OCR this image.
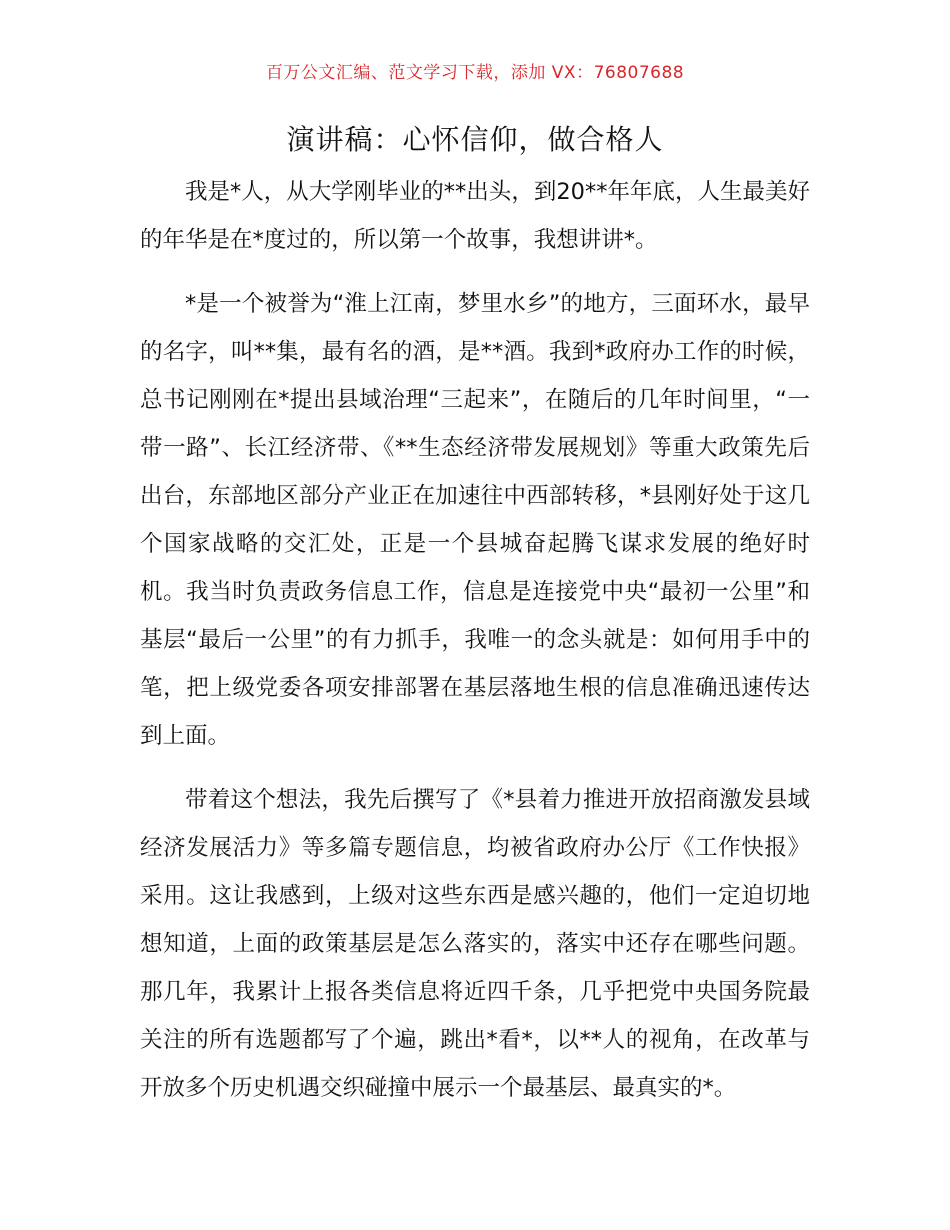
百万公文汇编、范文学习下载，添加 VX：76807688
演讲稿：心怀信仰，做合格人

我是*人，从大学刚毕业的**出头，到20**年年底，人生最美好的年华是在*度过的，所以第一个故事，我想讲讲*。

*是一个被誉为“淮上江南，梦里水乡”的地方，三面环水，最早的名字，叫**集，最有名的酒，是**酒。我到*政府办工作的时候，总书记刚刚在*提出县域治理“三起来”，在随后的几年时间里，“一带一路”、长江经济带、《**生态经济带发展规划》等重大政策先后出台，东部地区部分产业正在加速往中西部转移，*县刚好处于这几个国家战略的交汇处，正是一个县城奋起腾飞谋求发展的绝好时机。我当时负责政务信息工作，信息是连接党中央“最初一公里”和基层“最后一公里”的有力抓手，我唯一的念头就是：如何用手中的笔，把上级党委各项安排部署在基层落地生根的信息准确迅速传达到上面。

带着这个想法，我先后撰写了《*县着力推进开放招商激发县域经济发展活力》等多篇专题信息，均被省政府办公厅《工作快报》采用。这让我感到，上级对这些东西是感兴趣的，他们一定迫切地想知道，上面的政策基层是怎么落实的，落实中还存在哪些问题。那几年，我累计上报各类信息将近四千条，几乎把党中央国务院最关注的所有选题都写了个遍，跳出*看*，以**人的视角，在改革与开放多个历史机遇交织碰撞中展示一个最基层、最真实的*。
